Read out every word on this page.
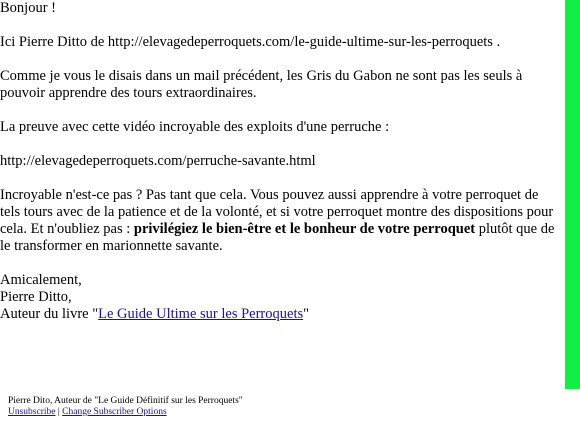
Bonjour !

Ici Pierre Ditto de http://elevagedeperroquets.com/le-guide-ultime-sur-les-perroquets .

Comme je vous le disais dans un mail précédent, les Gris du Gabon ne sont pas les seuls à pouvoir apprendre des tours extraordinaires.

La preuve avec cette vidéo incroyable des exploits d'une perruche :

http://elevagedeperroquets.com/perruche-savante.html

Incroyable n'est-ce pas ? Pas tant que cela. Vous pouvez aussi apprendre à votre perroquet de tels tours avec de la patience et de la volonté, et si votre perroquet montre des dispositions pour cela. Et n'oubliez pas : privilégiez le bien-être et le bonheur de votre perroquet plutôt que de le transformer en marionnette savante.

Amicalement,
Pierre Ditto,
Auteur du livre "Le Guide Ultime sur les Perroquets"

Pierre Dito, Auteur de "Le Guide Définitif sur les Perroquets"
Unsubscribe | Change Subscriber Options
